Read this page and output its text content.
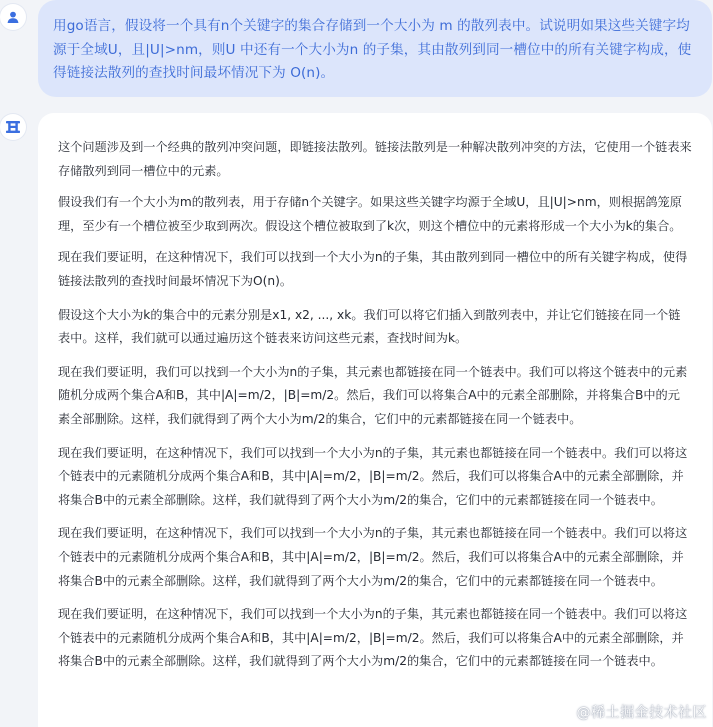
用go语言，假设将一个具有n个关键字的集合存储到一个大小为 m 的散列表中。试说明如果这些关键字均源于全域U，且|U|>nm，则U 中还有一个大小为n 的子集，其由散列到同一槽位中的所有关键字构成，使得链接法散列的查找时间最坏情况下为 O(n)。

这个问题涉及到一个经典的散列冲突问题，即链接法散列。链接法散列是一种解决散列冲突的方法，它使用一个链表来存储散列到同一槽位中的元素。

假设我们有一个大小为m的散列表，用于存储n个关键字。如果这些关键字均源于全域U，且|U|>nm，则根据鸽笼原理，至少有一个槽位被至少取到两次。假设这个槽位被取到了k次，则这个槽位中的元素将形成一个大小为k的集合。

现在我们要证明，在这种情况下，我们可以找到一个大小为n的子集，其由散列到同一槽位中的所有关键字构成，使得链接法散列的查找时间最坏情况下为O(n)。

假设这个大小为k的集合中的元素分别是x1, x2, ..., xk。我们可以将它们插入到散列表中，并让它们链接在同一个链表中。这样，我们就可以通过遍历这个链表来访问这些元素，查找时间为k。

现在我们要证明，我们可以找到一个大小为n的子集，其元素也都链接在同一个链表中。我们可以将这个链表中的元素随机分成两个集合A和B，其中|A|=m/2，|B|=m/2。然后，我们可以将集合A中的元素全部删除，并将集合B中的元素全部删除。这样，我们就得到了两个大小为m/2的集合，它们中的元素都链接在同一个链表中。

现在我们要证明，在这种情况下，我们可以找到一个大小为n的子集，其元素也都链接在同一个链表中。我们可以将这个链表中的元素随机分成两个集合A和B，其中|A|=m/2，|B|=m/2。然后，我们可以将集合A中的元素全部删除，并将集合B中的元素全部删除。这样，我们就得到了两个大小为m/2的集合，它们中的元素都链接在同一个链表中。

现在我们要证明，在这种情况下，我们可以找到一个大小为n的子集，其元素也都链接在同一个链表中。我们可以将这个链表中的元素随机分成两个集合A和B，其中|A|=m/2，|B|=m/2。然后，我们可以将集合A中的元素全部删除，并将集合B中的元素全部删除。这样，我们就得到了两个大小为m/2的集合，它们中的元素都链接在同一个链表中。

现在我们要证明，在这种情况下，我们可以找到一个大小为n的子集，其元素也都链接在同一个链表中。我们可以将这个链表中的元素随机分成两个集合A和B，其中|A|=m/2，|B|=m/2。然后，我们可以将集合A中的元素全部删除，并将集合B中的元素全部删除。这样，我们就得到了两个大小为m/2的集合，它们中的元素都链接在同一个链表中。

@稀土掘金技术社区
